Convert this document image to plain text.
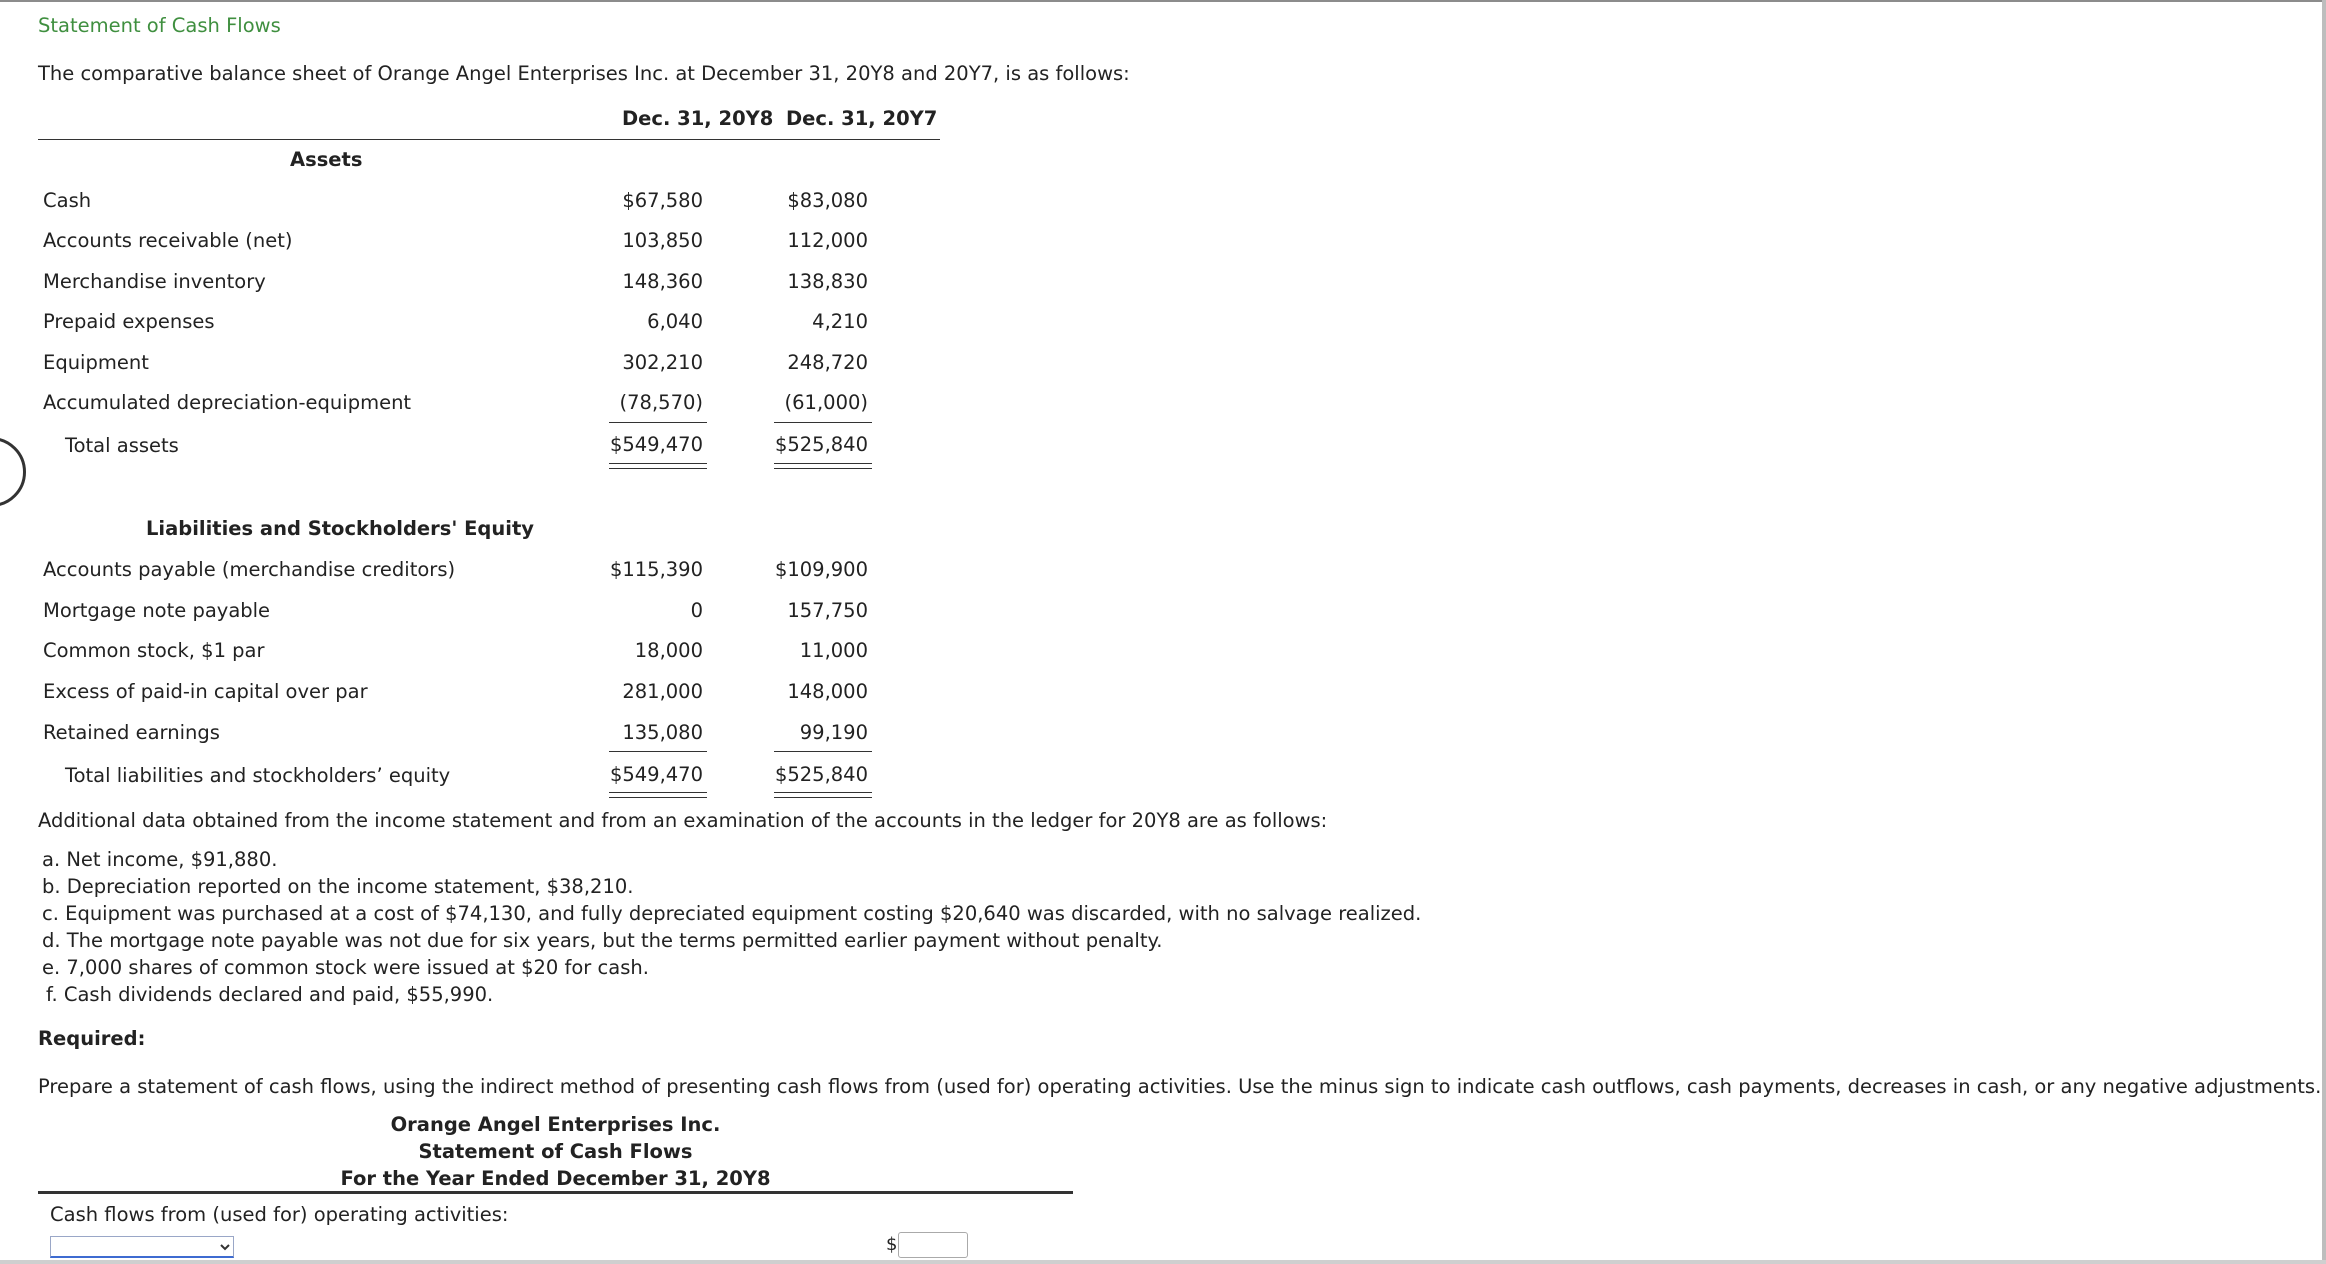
Statement of Cash Flows
The comparative balance sheet of Orange Angel Enterprises Inc. at December 31, 20Y8 and 20Y7, is as follows:
Dec. 31, 20Y8 Dec. 31, 20Y7
Assets
Cash	$67,580	$83,080
Accounts receivable (net)	103,850	112,000
Merchandise inventory	148,360	138,830
Prepaid expenses	6,040	4,210
Equipment	302,210	248,720
Accumulated depreciation-equipment	(78,570)	(61,000)
Total assets	$549,470	$525,840
Liabilities and Stockholders' Equity
Accounts payable (merchandise creditors)	$115,390	$109,900
Mortgage note payable	0	157,750
Common stock, $1 par	18,000	11,000
Excess of paid-in capital over par	281,000	148,000
Retained earnings	135,080	99,190
Total liabilities and stockholders’ equity	$549,470	$525,840
Additional data obtained from the income statement and from an examination of the accounts in the ledger for 20Y8 are as follows:
a. Net income, $91,880.
b. Depreciation reported on the income statement, $38,210.
c. Equipment was purchased at a cost of $74,130, and fully depreciated equipment costing $20,640 was discarded, with no salvage realized.
d. The mortgage note payable was not due for six years, but the terms permitted earlier payment without penalty.
e. 7,000 shares of common stock were issued at $20 for cash.
f. Cash dividends declared and paid, $55,990.
Required:
Prepare a statement of cash flows, using the indirect method of presenting cash flows from (used for) operating activities. Use the minus sign to indicate cash outflows, cash payments, decreases in cash, or any negative adjustments.
Orange Angel Enterprises Inc.
Statement of Cash Flows
For the Year Ended December 31, 20Y8
Cash flows from (used for) operating activities:
$
